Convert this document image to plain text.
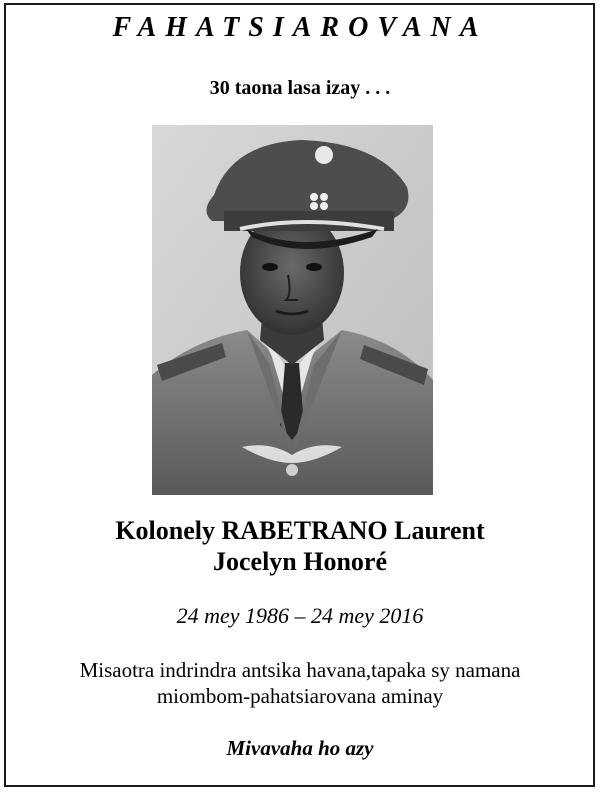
FAHATSIAROVANA
30 taona lasa izay . . .
Kolonely RABETRANO Laurent
Jocelyn Honoré
24 mey 1986 – 24 mey 2016
Misaotra indrindra antsika havana,tapaka sy namana
miombom-pahatsiarovana aminay
Mivavaha ho azy
